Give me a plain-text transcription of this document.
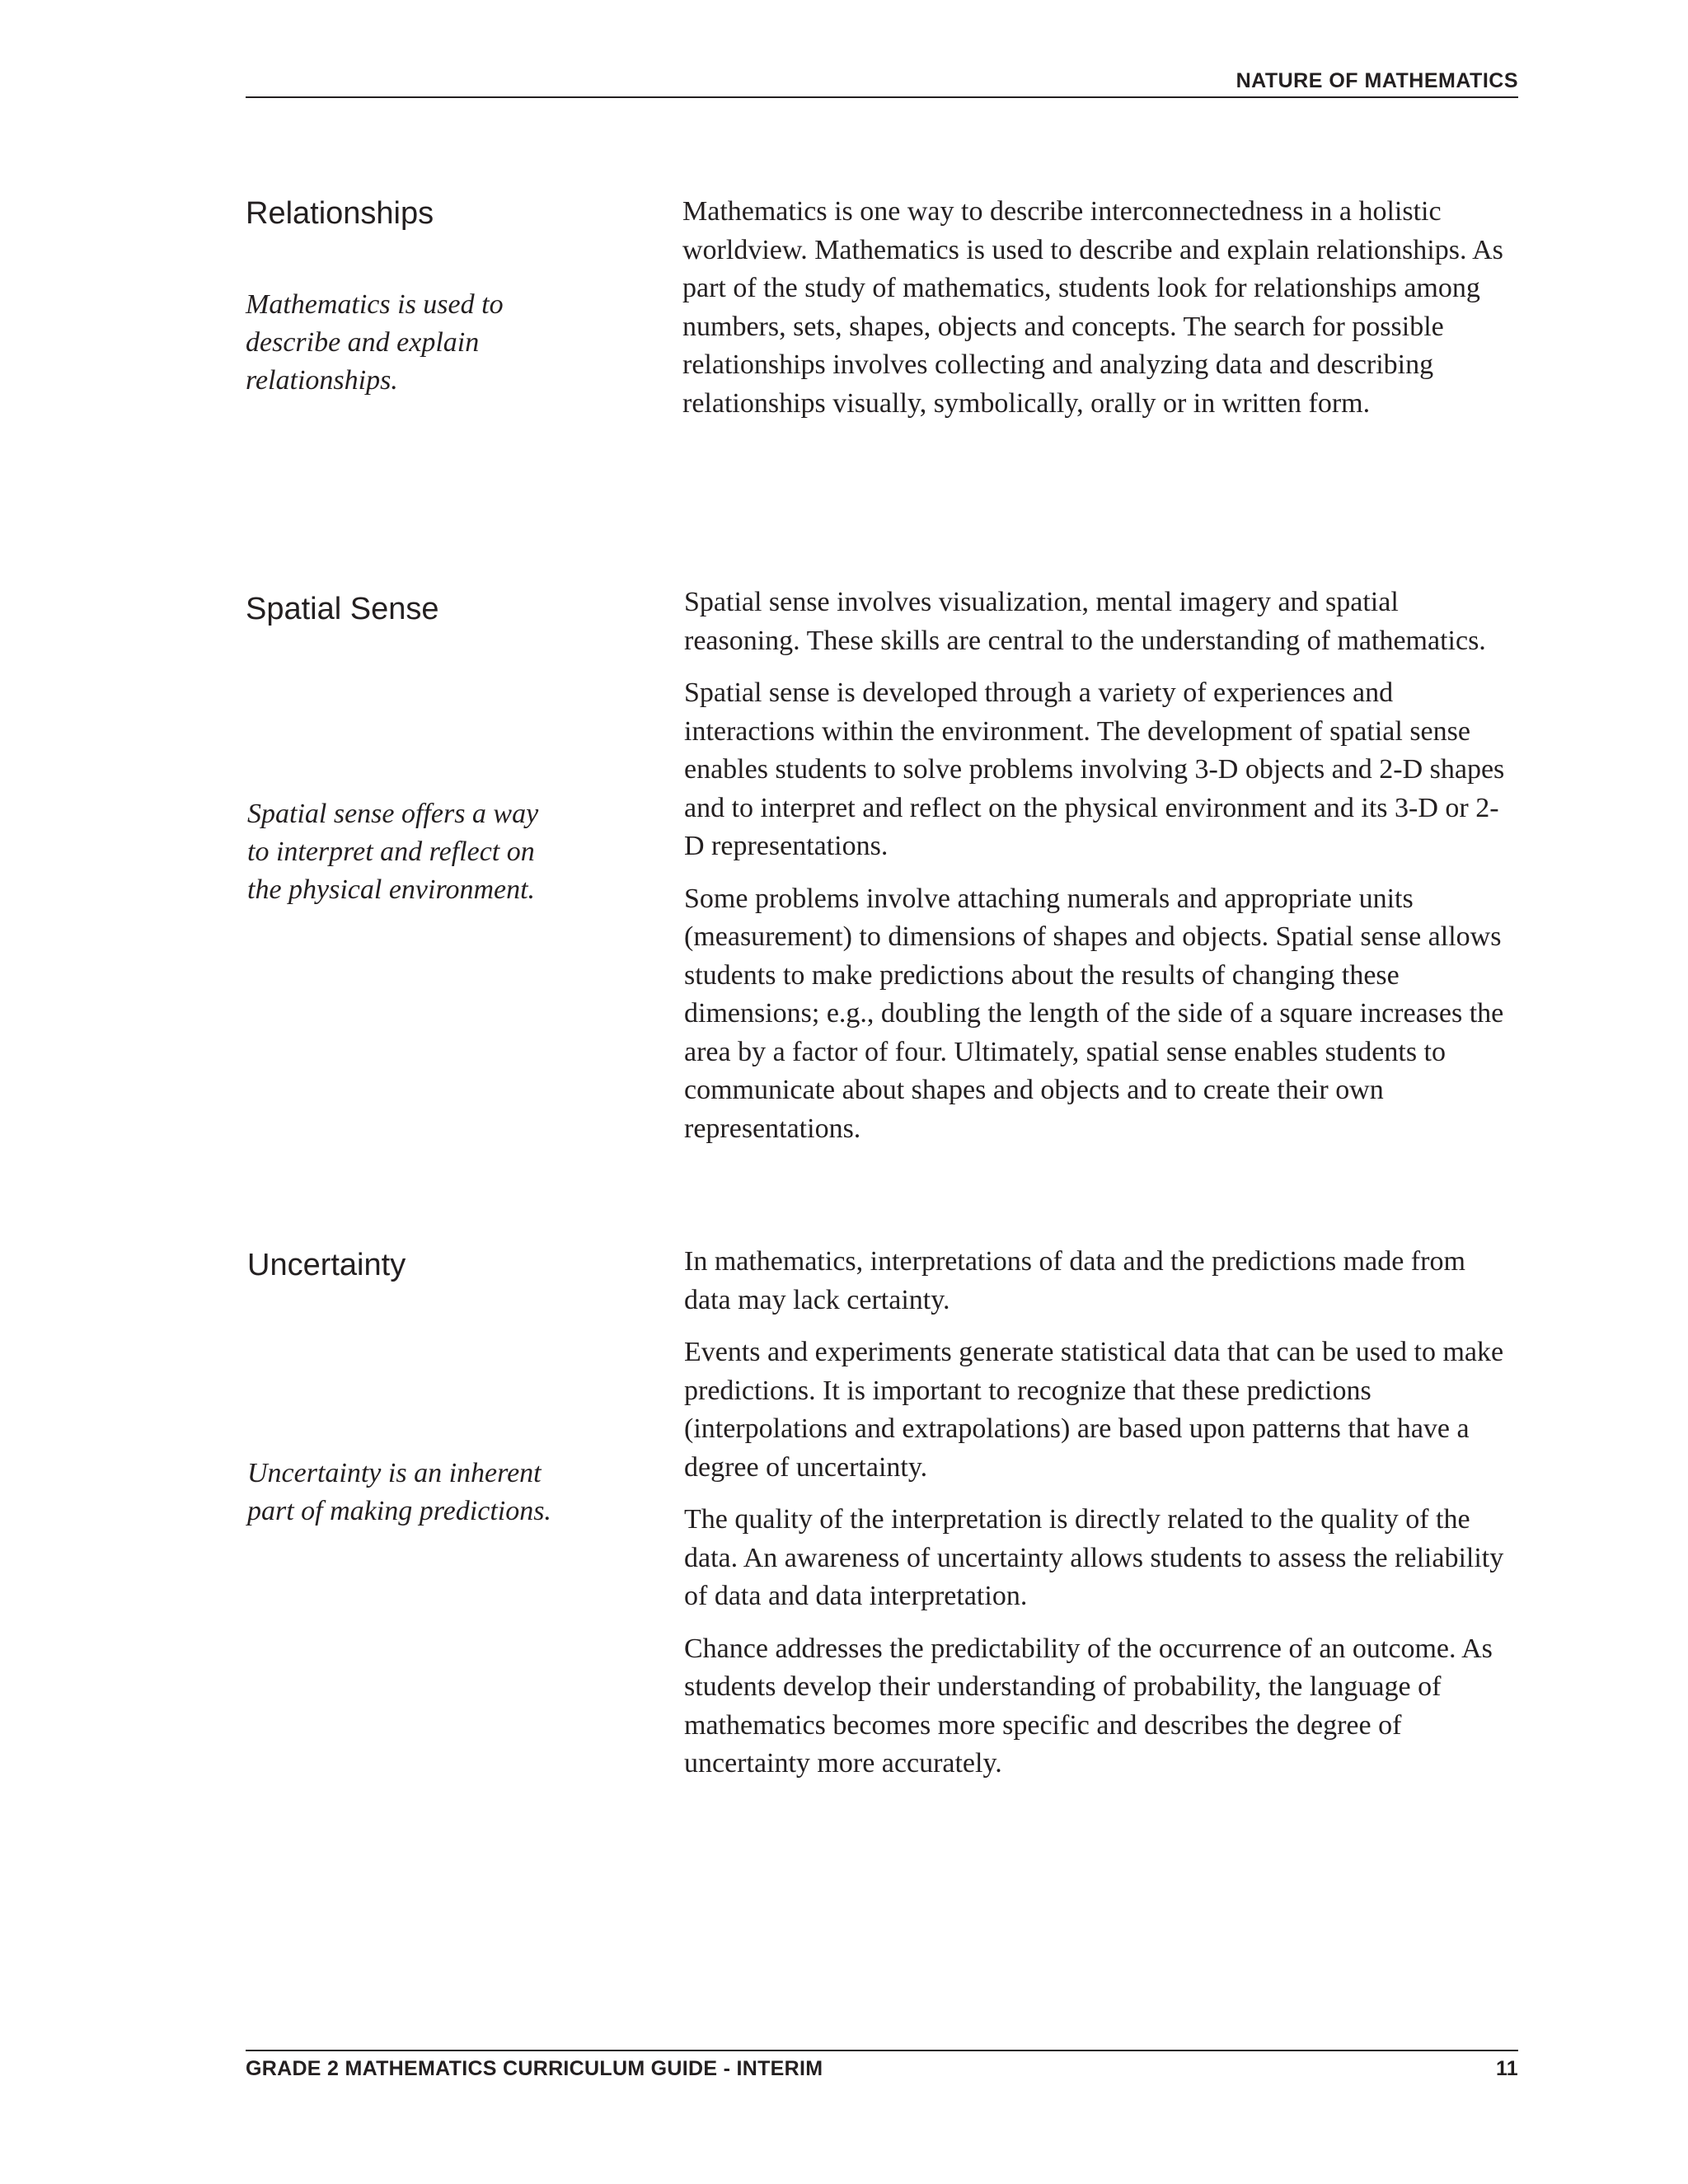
NATURE OF MATHEMATICS
Relationships

Mathematics is used to describe and explain relationships.

Mathematics is one way to describe interconnectedness in a holistic worldview. Mathematics is used to describe and explain relationships. As part of the study of mathematics, students look for relationships among numbers, sets, shapes, objects and concepts. The search for possible relationships involves collecting and analyzing data and describing relationships visually, symbolically, orally or in written form.

Spatial Sense

Spatial sense offers a way to interpret and reflect on the physical environment.

Spatial sense involves visualization, mental imagery and spatial reasoning. These skills are central to the understanding of mathematics.

Spatial sense is developed through a variety of experiences and interactions within the environment. The development of spatial sense enables students to solve problems involving 3-D objects and 2-D shapes and to interpret and reflect on the physical environment and its 3-D or 2-D representations.

Some problems involve attaching numerals and appropriate units (measurement) to dimensions of shapes and objects. Spatial sense allows students to make predictions about the results of changing these dimensions; e.g., doubling the length of the side of a square increases the area by a factor of four. Ultimately, spatial sense enables students to communicate about shapes and objects and to create their own representations.

Uncertainty

Uncertainty is an inherent part of making predictions.

In mathematics, interpretations of data and the predictions made from data may lack certainty.

Events and experiments generate statistical data that can be used to make predictions. It is important to recognize that these predictions (interpolations and extrapolations) are based upon patterns that have a degree of uncertainty.

The quality of the interpretation is directly related to the quality of the data. An awareness of uncertainty allows students to assess the reliability of data and data interpretation.

Chance addresses the predictability of the occurrence of an outcome. As students develop their understanding of probability, the language of mathematics becomes more specific and describes the degree of uncertainty more accurately.

GRADE 2 MATHEMATICS CURRICULUM GUIDE - INTERIM	11
